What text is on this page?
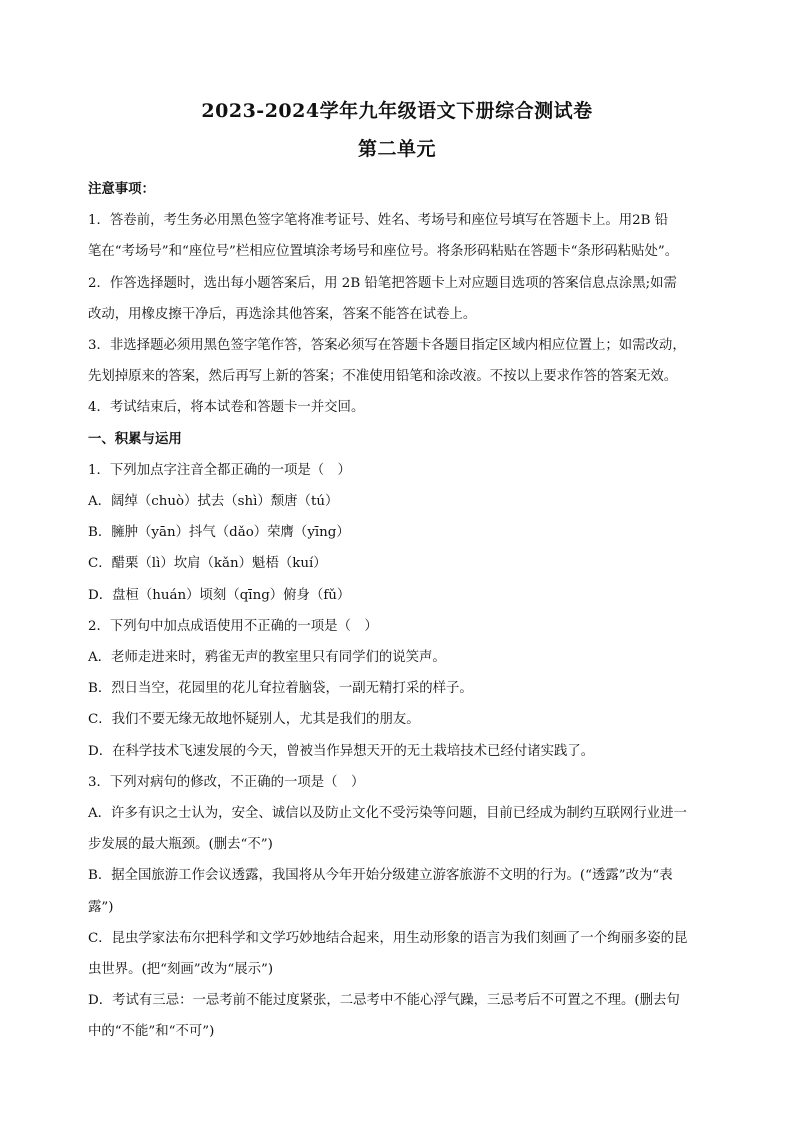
2023-2024学年九年级语文下册综合测试卷
第二单元

注意事项：

1．答卷前，考生务必用黑色签字笔将准考证号、姓名、考场号和座位号填写在答题卡上。用2B 铅

笔在“考场号”和“座位号”栏相应位置填涂考场号和座位号。将条形码粘贴在答题卡“条形码粘贴处”。

2．作答选择题时，选出每小题答案后，用 2B 铅笔把答题卡上对应题目选项的答案信息点涂黑;如需

改动，用橡皮擦干净后，再选涂其他答案，答案不能答在试卷上。

3．非选择题必须用黑色签字笔作答，答案必须写在答题卡各题目指定区域内相应位置上；如需改动，

先划掉原来的答案，然后再写上新的答案；不准使用铅笔和涂改液。不按以上要求作答的答案无效。

4．考试结束后，将本试卷和答题卡一并交回。

一、积累与运用

1．下列加点字注音全都正确的一项是（　）

A．阔绰（chuò）拭去（shì）颓唐（tú）

B．臃肿（yān）抖气（dǎo）荣膺（yīng）

C．醋栗（lì）坎肩（kǎn）魁梧（kuí）

D．盘桓（huán）顷刻（qīng）俯身（fǔ）

2．下列句中加点成语使用不正确的一项是（　）

A．老师走进来时，鸦雀无声的教室里只有同学们的说笑声。

B．烈日当空，花园里的花儿耷拉着脑袋，一副无精打采的样子。

C．我们不要无缘无故地怀疑别人，尤其是我们的朋友。

D．在科学技术飞速发展的今天，曾被当作异想天开的无土栽培技术已经付诸实践了。

3．下列对病句的修改，不正确的一项是（　）

A．许多有识之士认为，安全、诚信以及防止文化不受污染等问题，目前已经成为制约互联网行业进一

步发展的最大瓶颈。(删去“不”)

B．据全国旅游工作会议透露，我国将从今年开始分级建立游客旅游不文明的行为。(“透露”改为“表

露”)

C．昆虫学家法布尔把科学和文学巧妙地结合起来，用生动形象的语言为我们刻画了一个绚丽多姿的昆

虫世界。(把“刻画”改为“展示”)

D．考试有三忌：一忌考前不能过度紧张，二忌考中不能心浮气躁，三忌考后不可置之不理。(删去句

中的“不能”和“不可”)
